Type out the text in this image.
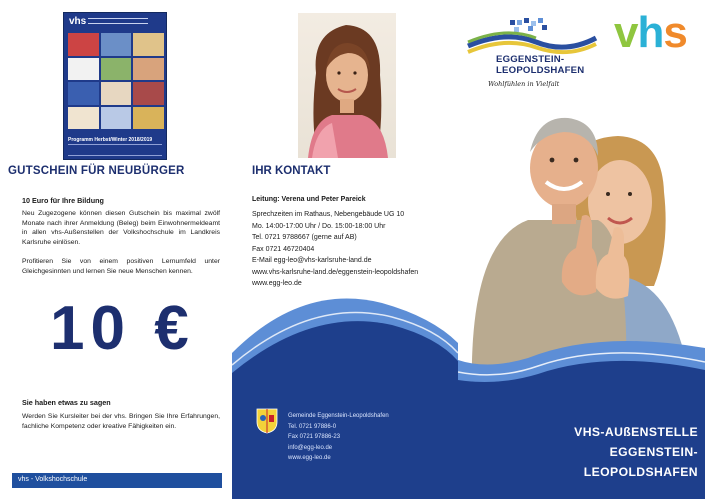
vhs
Programm Herbst/Winter 2018/2019
GUTSCHEIN FÜR NEUBÜRGER
10 Euro für Ihre Bildung

Neu Zugezogene können diesen Gutschein bis maximal zwölf Monate nach ihrer Anmeldung (Beleg) beim Einwohnermeldeamt in allen vhs-Außenstellen der Volkshochschule im Landkreis Karlsruhe einlösen.

Profitieren Sie von einem positiven Lernumfeld unter Gleichgesinnten und lernen Sie neue Menschen kennen.

10 €
Sie haben etwas zu sagen

Werden Sie Kursleiter bei der vhs. Bringen Sie Ihre Erfahrungen, fachliche Kompetenz oder kreative Fähigkeiten ein.

vhs - Volkshochschule
IHR KONTAKT
Leitung: Verena und Peter Pareick
Sprechzeiten im Rathaus, Nebengebäude UG 10
Mo. 14:00-17:00 Uhr / Do. 15:00-18:00 Uhr
Tel. 0721 9788667 (gerne auf AB)
Fax 0721 46720404
E-Mail egg-leo@vhs-karlsruhe-land.de
www.vhs-karlsruhe-land.de/eggenstein-leopoldshafen
www.egg-leo.de
Gemeinde Eggenstein-Leopoldshafen
Tel. 0721 97886-0
Fax 0721 97886-23
info@egg-leo.de
www.egg-leo.de
EGGENSTEIN-
LEOPOLDSHAFEN
Wohlfühlen in Vielfalt
vhs
VHS-AUßENSTELLE
EGGENSTEIN-
LEOPOLDSHAFEN
